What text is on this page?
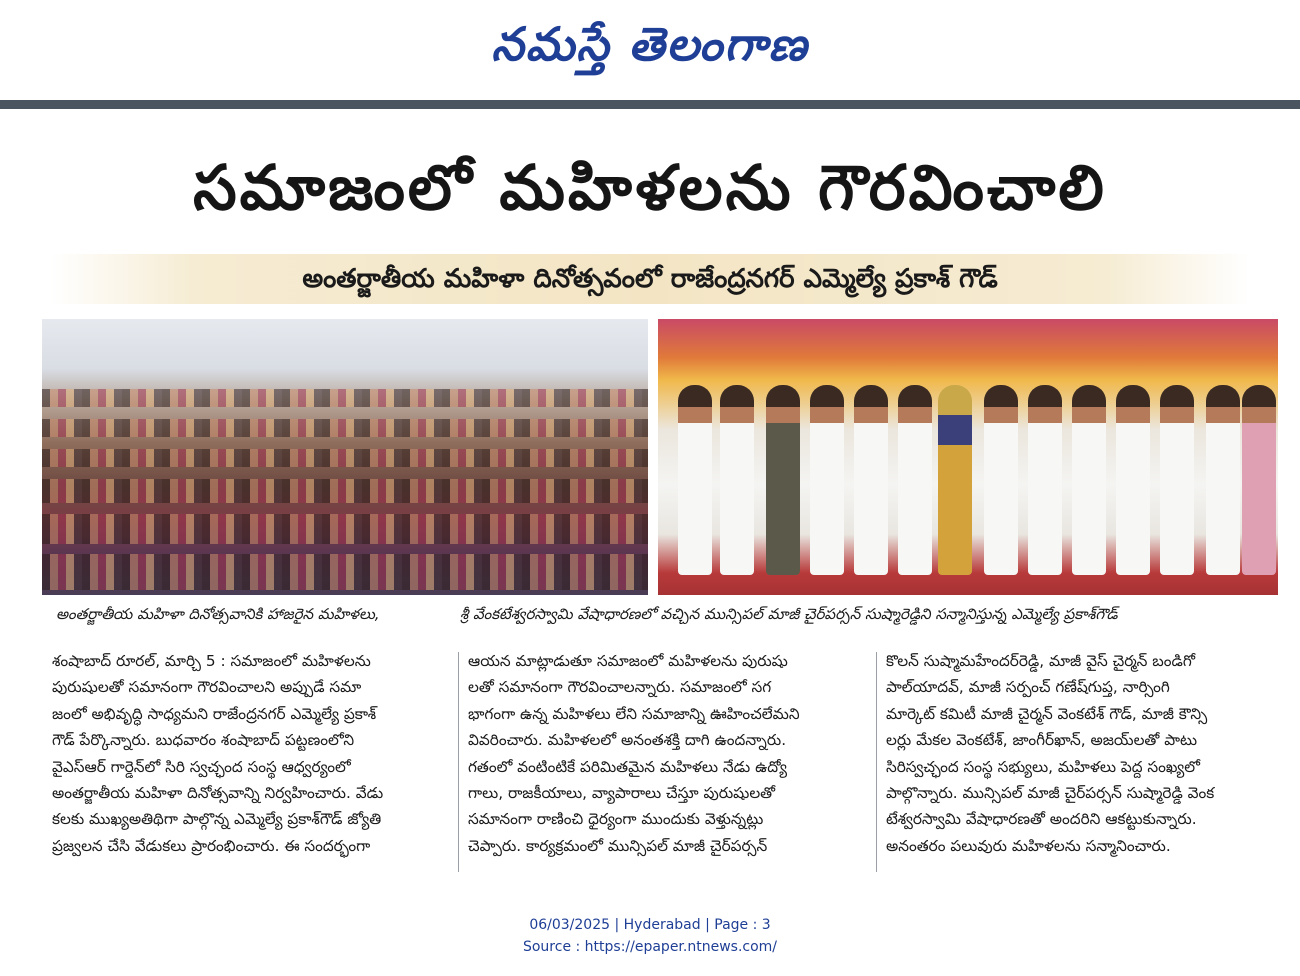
నమస్తే తెలంగాణ
సమాజంలో మహిళలను గౌరవించాలి
అంతర్జాతీయ మహిళా దినోత్సవంలో రాజేంద్రనగర్ ఎమ్మెల్యే ప్రకాశ్ గౌడ్
అంతర్జాతీయ మహిళా దినోత్సవానికి హాజరైన మహిళలు,	శ్రీ వేంకటేశ్వరస్వామి వేషాధారణలో వచ్చిన మున్సిపల్ మాజీ చైర్‌పర్సన్ సుష్మారెడ్డిని సన్మానిస్తున్న ఎమ్మెల్యే ప్రకాశ్‌గౌడ్

శంషాబాద్ రూరల్, మార్చి 5 : సమాజంలో మహిళలను

పురుషులతో సమానంగా గౌరవించాలని అప్పుడే సమా

జంలో అభివృద్ధి సాధ్యమని రాజేంద్రనగర్ ఎమ్మెల్యే ప్రకాశ్

గౌడ్ పేర్కొన్నారు. బుధవారం శంషాబాద్ పట్టణంలోని

వైఎస్ఆర్ గార్డెన్‌లో సిరి స్వచ్ఛంద సంస్థ ఆధ్వర్యంలో

అంతర్జాతీయ మహిళా దినోత్సవాన్ని నిర్వహించారు. వేడు

కలకు ముఖ్యఅతిథిగా పాల్గొన్న ఎమ్మెల్యే ప్రకాశ్‌గౌడ్ జ్యోతి

ప్రజ్వలన చేసి వేడుకలు ప్రారంభించారు. ఈ సందర్భంగా

ఆయన మాట్లాడుతూ సమాజంలో మహిళలను పురుషు

లతో సమానంగా గౌరవించాలన్నారు. సమాజంలో సగ

భాగంగా ఉన్న మహిళలు లేని సమాజాన్ని ఊహించలేమని

వివరించారు. మహిళలలో అనంతశక్తి దాగి ఉందన్నారు.

గతంలో వంటింటికే పరిమితమైన మహిళలు నేడు ఉద్యో

గాలు, రాజకీయాలు, వ్యాపారాలు చేస్తూ పురుషులతో

సమానంగా రాణించి ధైర్యంగా ముందుకు వెళ్తున్నట్లు

చెప్పారు. కార్యక్రమంలో మున్సిపల్ మాజీ చైర్‌పర్సన్

కొలన్ సుష్మామహేందర్‌రెడ్డి, మాజీ వైస్ చైర్మన్ బండిగో

పాల్‌యాదవ్, మాజీ సర్పంచ్ గణేష్‌గుప్త, నార్సింగి

మార్కెట్ కమిటీ మాజీ చైర్మన్ వెంకటేశ్ గౌడ్, మాజీ కౌన్సి

లర్లు మేకల వెంకటేశ్, జాంగీర్‌ఖాన్, అజయ్‌లతో పాటు

సిరిస్వచ్ఛంద సంస్థ సభ్యులు, మహిళలు పెద్ద సంఖ్యలో

పాల్గొన్నారు. మున్సిపల్ మాజీ చైర్‌పర్సన్ సుష్మారెడ్డి వెంక

టేశ్వరస్వామి వేషాధారణతో అందరిని ఆకట్టుకున్నారు.

అనంతరం పలువురు మహిళలను సన్మానించారు.

06/03/2025 | Hyderabad | Page : 3
Source : https://epaper.ntnews.com/
